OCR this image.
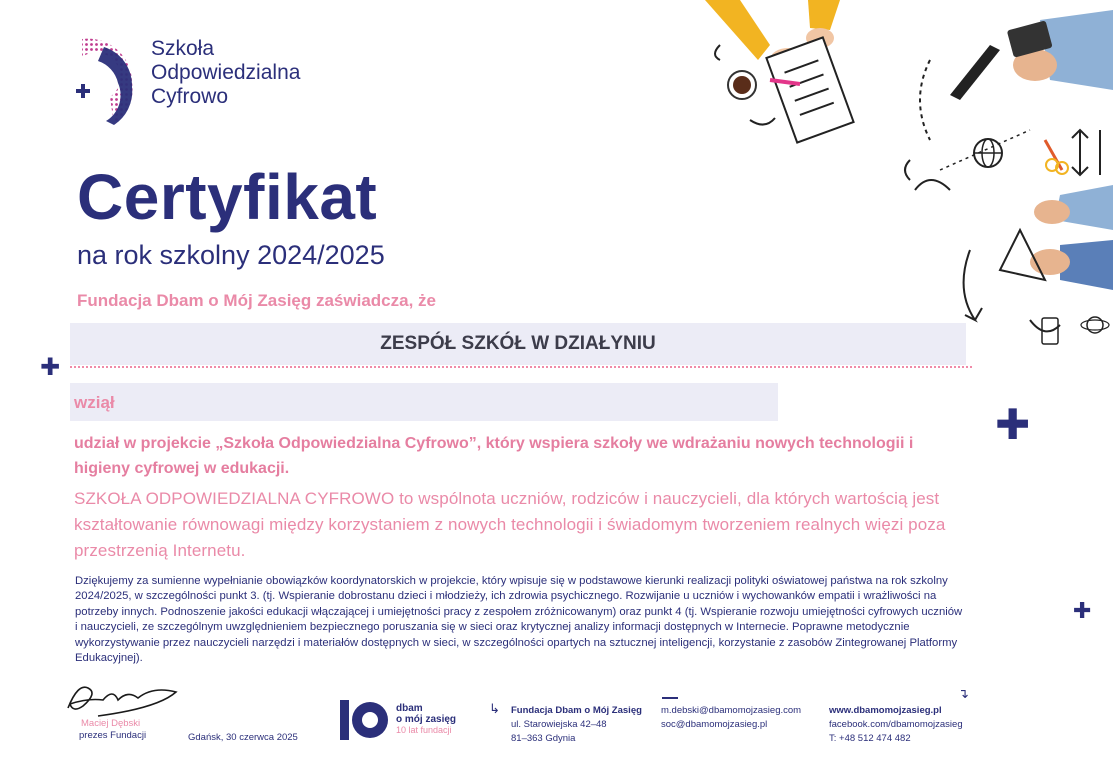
Szkoła
Odpowiedzialna
Cyfrowo
Certyfikat
na rok szkolny 2024/2025
Fundacja Dbam o Mój Zasięg zaświadcza, że
ZESPÓŁ SZKÓŁ W DZIAŁYNIU
✚
wziął	✚
udział w projekcie „Szkoła Odpowiedzialna Cyfrowo”, który wspiera szkoły we wdrażaniu nowych technologii i higieny cyfrowej w edukacji.
SZKOŁA ODPOWIEDZIALNA CYFROWO to wspólnota uczniów, rodziców i nauczycieli, dla których wartością jest kształtowanie równowagi między korzystaniem z nowych technologii i świadomym tworzeniem realnych więzi poza przestrzenią Internetu.
Dziękujemy za sumienne wypełnianie obowiązków koordynatorskich w projekcie, który wpisuje się w podstawowe kierunki realizacji polityki oświatowej państwa na rok szkolny 2024/2025, w szczególności punkt 3. (tj. Wspieranie dobrostanu dzieci i młodzieży, ich zdrowia psychicznego. Rozwijanie u uczniów i wychowanków empatii i wrażliwości na potrzeby innych. Podnoszenie jakości edukacji włączającej i umiejętności pracy z zespołem zróżnicowanym) oraz punkt 4 (tj. Wspieranie rozwoju umiejętności cyfrowych uczniów i nauczycieli, ze szczególnym uwzględnieniem bezpiecznego poruszania się w sieci oraz krytycznej analizy informacji dostępnych w Internecie. Poprawne metodycznie wykorzystywanie przez nauczycieli narzędzi i materiałów dostępnych w sieci, w szczególności opartych na sztucznej inteligencji, korzystanie z zasobów Zintegrowanej Platformy Edukacyjnej).
✚
Maciej Dębski
prezes Fundacji	Gdańsk, 30 czerwca 2025
dbam
o mój zasięg
10 lat fundacji
↳ Fundacja Dbam o Mój Zasięg
ul. Starowiejska 42–48
81–363 Gdynia
m.debski@dbamomojzasieg.com
soc@dbamomojzasieg.pl
www.dbamomojzasieg.pl
facebook.com/dbamomojzasieg
T: +48 512 474 482
↴
